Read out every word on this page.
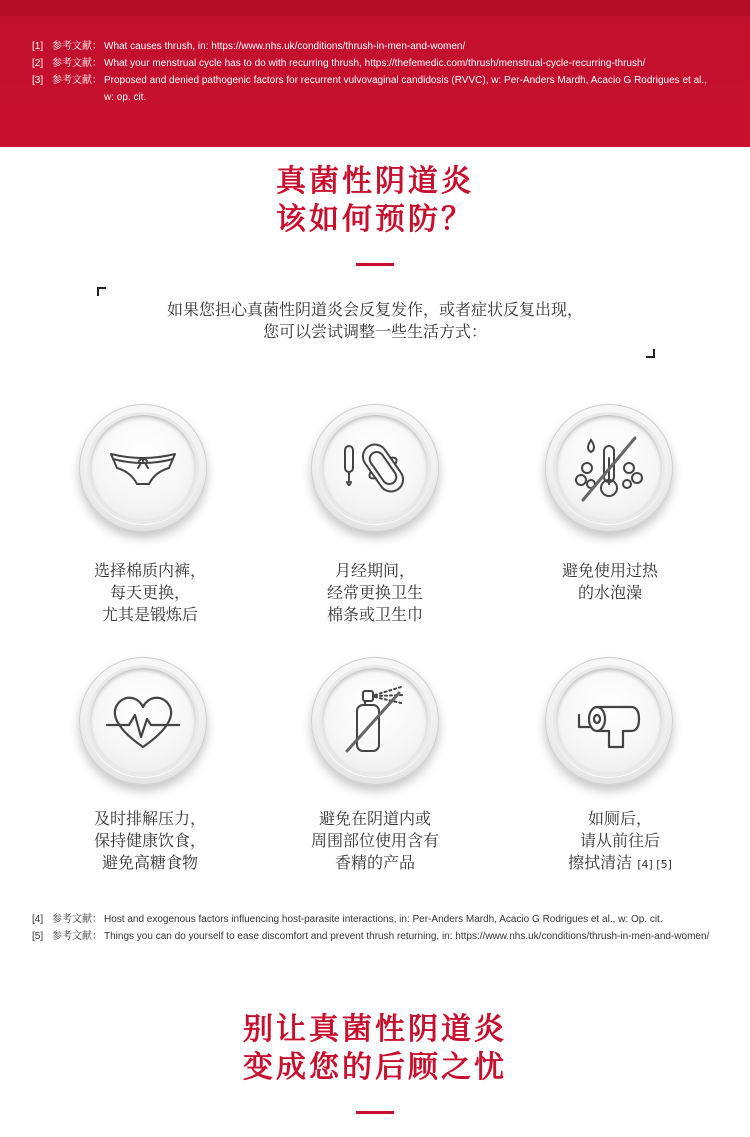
[1] 参考文献： What causes thrush, in: https://www.nhs.uk/conditions/thrush-in-men-and-women/
[2] 参考文献： What your menstrual cycle has to do with recurring thrush, https://thefemedic.com/thrush/menstrual-cycle-recurring-thrush/
[3] 参考文献： Proposed and denied pathogenic factors for recurrent vulvovaginal candidosis (RVVC), w: Per-Anders Mardh, Acacio G Rodrigues et al., w: op. cit.
真菌性阴道炎
该如何预防？
如果您担心真菌性阴道炎会反复发作，或者症状反复出现，
您可以尝试调整一些生活方式：
选择棉质内裤，
每天更换，
尤其是锻炼后
月经期间，
经常更换卫生
棉条或卫生巾
避免使用过热
的水泡澡
及时排解压力，
保持健康饮食，
避免高糖食物
避免在阴道内或
周围部位使用含有
香精的产品
如厕后，
请从前往后
擦拭清洁 [4] [5]
[4] 参考文献： Host and exogenous factors influencing host-parasite interactions, in: Per-Anders Mardh, Acacio G Rodrigues et al., w: Op. cit.
[5] 参考文献： Things you can do yourself to ease discomfort and prevent thrush returning, in: https://www.nhs.uk/conditions/thrush-in-men-and-women/
别让真菌性阴道炎
变成您的后顾之忧
